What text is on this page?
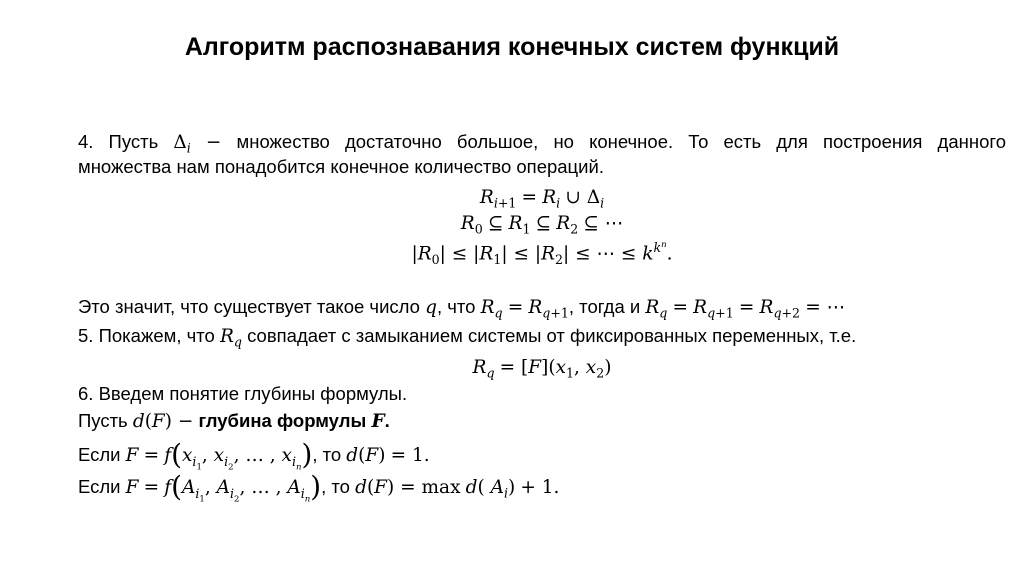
Алгоритм распознавания конечных систем функций
4. Пусть $\Delta_i$ − множество достаточно большое, но конечное. То есть для построения данного
множества нам понадобится конечное количество операций.
$R_{i+1} = R_i$ ∪ $\Delta_i$
$R_0$ ⊆ $R_1$ ⊆ $R_2$ ⊆ ⋯
$|R_0| \le |R_1| \le |R_2|$ ≤ ⋯ ≤ $k^{k^n}$.
Это значит, что существует такое число q, что $R_q = R_{q+1}$, тогда и $R_q = R_{q+1} = R_{q+2}$ = ⋯
5. Покажем, что $R_q$ совпадает с замыканием системы от фиксированных переменных, т.е.
$R_q = [F](x_1$, $x_2$)
6. Введем понятие глубины формулы.
Пусть d(F) − глубина формулы F.
Если $F = f(x_{i_1}$, $x_{i_2}$, … , $x_{i_n}$), то d(F) = 1.
Если $F = f(A_{i_1}$, $A_{i_2}$, … , $A_{i_n}$), то d(F) = max d( $A_i) + 1$.
